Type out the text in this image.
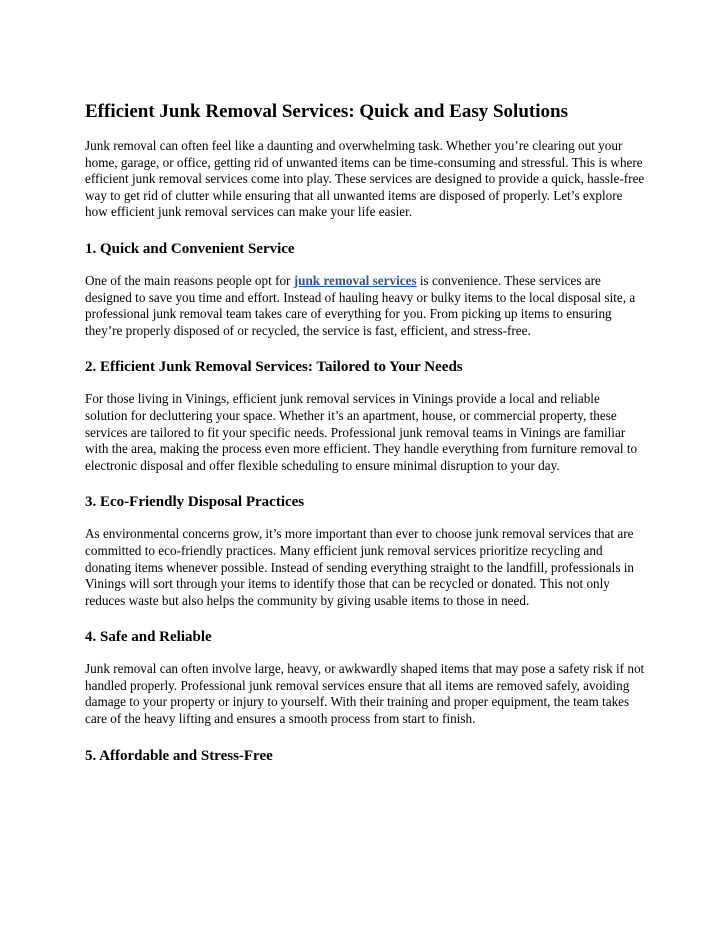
Efficient Junk Removal Services: Quick and Easy Solutions

Junk removal can often feel like a daunting and overwhelming task. Whether you’re clearing out your home, garage, or office, getting rid of unwanted items can be time-consuming and stressful. This is where efficient junk removal services come into play. These services are designed to provide a quick, hassle-free way to get rid of clutter while ensuring that all unwanted items are disposed of properly. Let’s explore how efficient junk removal services can make your life easier.

1. Quick and Convenient Service

One of the main reasons people opt for junk removal services is convenience. These services are designed to save you time and effort. Instead of hauling heavy or bulky items to the local disposal site, a professional junk removal team takes care of everything for you. From picking up items to ensuring they’re properly disposed of or recycled, the service is fast, efficient, and stress-free.

2. Efficient Junk Removal Services: Tailored to Your Needs

For those living in Vinings, efficient junk removal services in Vinings provide a local and reliable solution for decluttering your space. Whether it’s an apartment, house, or commercial property, these services are tailored to fit your specific needs. Professional junk removal teams in Vinings are familiar with the area, making the process even more efficient. They handle everything from furniture removal to electronic disposal and offer flexible scheduling to ensure minimal disruption to your day.

3. Eco-Friendly Disposal Practices

As environmental concerns grow, it’s more important than ever to choose junk removal services that are committed to eco-friendly practices. Many efficient junk removal services prioritize recycling and donating items whenever possible. Instead of sending everything straight to the landfill, professionals in Vinings will sort through your items to identify those that can be recycled or donated. This not only reduces waste but also helps the community by giving usable items to those in need.

4. Safe and Reliable

Junk removal can often involve large, heavy, or awkwardly shaped items that may pose a safety risk if not handled properly. Professional junk removal services ensure that all items are removed safely, avoiding damage to your property or injury to yourself. With their training and proper equipment, the team takes care of the heavy lifting and ensures a smooth process from start to finish.

5. Affordable and Stress-Free
